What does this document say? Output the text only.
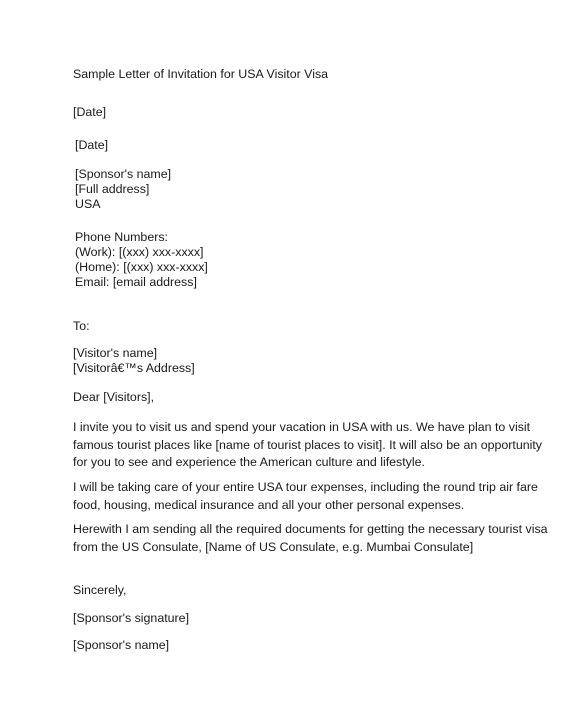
Sample Letter of Invitation for USA Visitor Visa
[Date]
[Date]
[Sponsor's name]
[Full address]
USA
Phone Numbers:
(Work): [(xxx) xxx-xxxx]
(Home): [(xxx) xxx-xxxx]
Email: [email address]
To:
[Visitor's name]
[Visitorâ€™s Address]
Dear [Visitors],
I invite you to visit us and spend your vacation in USA with us. We have plan to visit famous tourist places like [name of tourist places to visit]. It will also be an opportunity for you to see and experience the American culture and lifestyle.
I will be taking care of your entire USA tour expenses, including the round trip air fare food, housing, medical insurance and all your other personal expenses.
Herewith I am sending all the required documents for getting the necessary tourist visa from the US Consulate, [Name of US Consulate, e.g. Mumbai Consulate]
Sincerely,
[Sponsor's signature]
[Sponsor's name]
